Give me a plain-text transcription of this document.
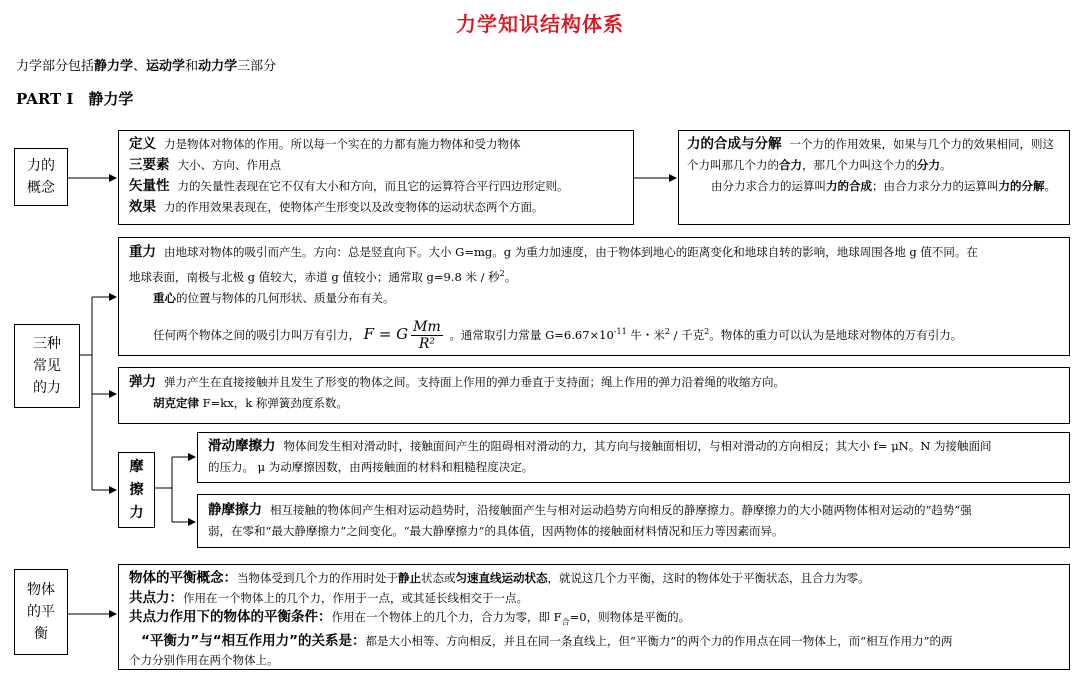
力学知识结构体系
力学部分包括静力学、运动学和动力学三部分
PART I　静力学
力的
概念
定义 力是物体对物体的作用。所以每一个实在的力都有施力物体和受力物体
三要素 大小、方向、作用点
矢量性 力的矢量性表现在它不仅有大小和方向，而且它的运算符合平行四边形定则。
效果 力的作用效果表现在，使物体产生形变以及改变物体的运动状态两个方面。
力的合成与分解 一个力的作用效果，如果与几个力的效果相同，则这个力叫那几个力的合力，那几个力叫这个力的分力。
由分力求合力的运算叫力的合成；由合力求分力的运算叫力的分解。
三种
常见
的力
重力 由地球对物体的吸引而产生。方向：总是竖直向下。大小 G=mg。g 为重力加速度，由于物体到地心的距离变化和地球自转的影响，地球周围各地 g 值不同。在
地球表面，南极与北极 g 值较大，赤道 g 值较小；通常取 g=9.8 米 / 秒$^2$。
重心的位置与物体的几何形状、质量分布有关。
任何两个物体之间的吸引力叫万有引力， F = G $\frac{Mm}{\text{R²}}$ 。通常取引力常量 $G=6.67\times 10^{-11}$ 牛・米$^2$ / 千克$^2$。物体的重力可以认为是地球对物体的万有引力。
弹力 弹力产生在直接接触并且发生了形变的物体之间。支持面上作用的弹力垂直于支持面；绳上作用的弹力沿着绳的收缩方向。
胡克定律 F=kx，k 称弹簧劲度系数。
摩
擦
力
滑动摩擦力 物体间发生相对滑动时，接触面间产生的阻碍相对滑动的力，其方向与接触面相切，与相对滑动的方向相反；其大小 f= μN。N 为接触面间
的压力。 μ 为动摩擦因数，由两接触面的材料和粗糙程度决定。
静摩擦力 相互接触的物体间产生相对运动趋势时，沿接触面产生与相对运动趋势方向相反的静摩擦力。静摩擦力的大小随两物体相对运动的“趋势”强
弱，在零和“最大静摩擦力”之间变化。“最大静摩擦力”的具体值，因两物体的接触面材料情况和压力等因素而异。
物体
的平
衡
物体的平衡概念：当物体受到几个力的作用时处于静止状态或匀速直线运动状态，就说这几个力平衡，这时的物体处于平衡状态，且合力为零。
共点力：作用在一个物体上的几个力，作用于一点，或其延长线相交于一点。
共点力作用下的物体的平衡条件：作用在一个物体上的几个力，合力为零，即 $F_合=0$，则物体是平衡的。
“平衡力”与“相互作用力”的关系是：都是大小相等、方向相反，并且在同一条直线上，但“平衡力”的两个力的作用点在同一物体上，而“相互作用力”的两
个力分别作用在两个物体上。
